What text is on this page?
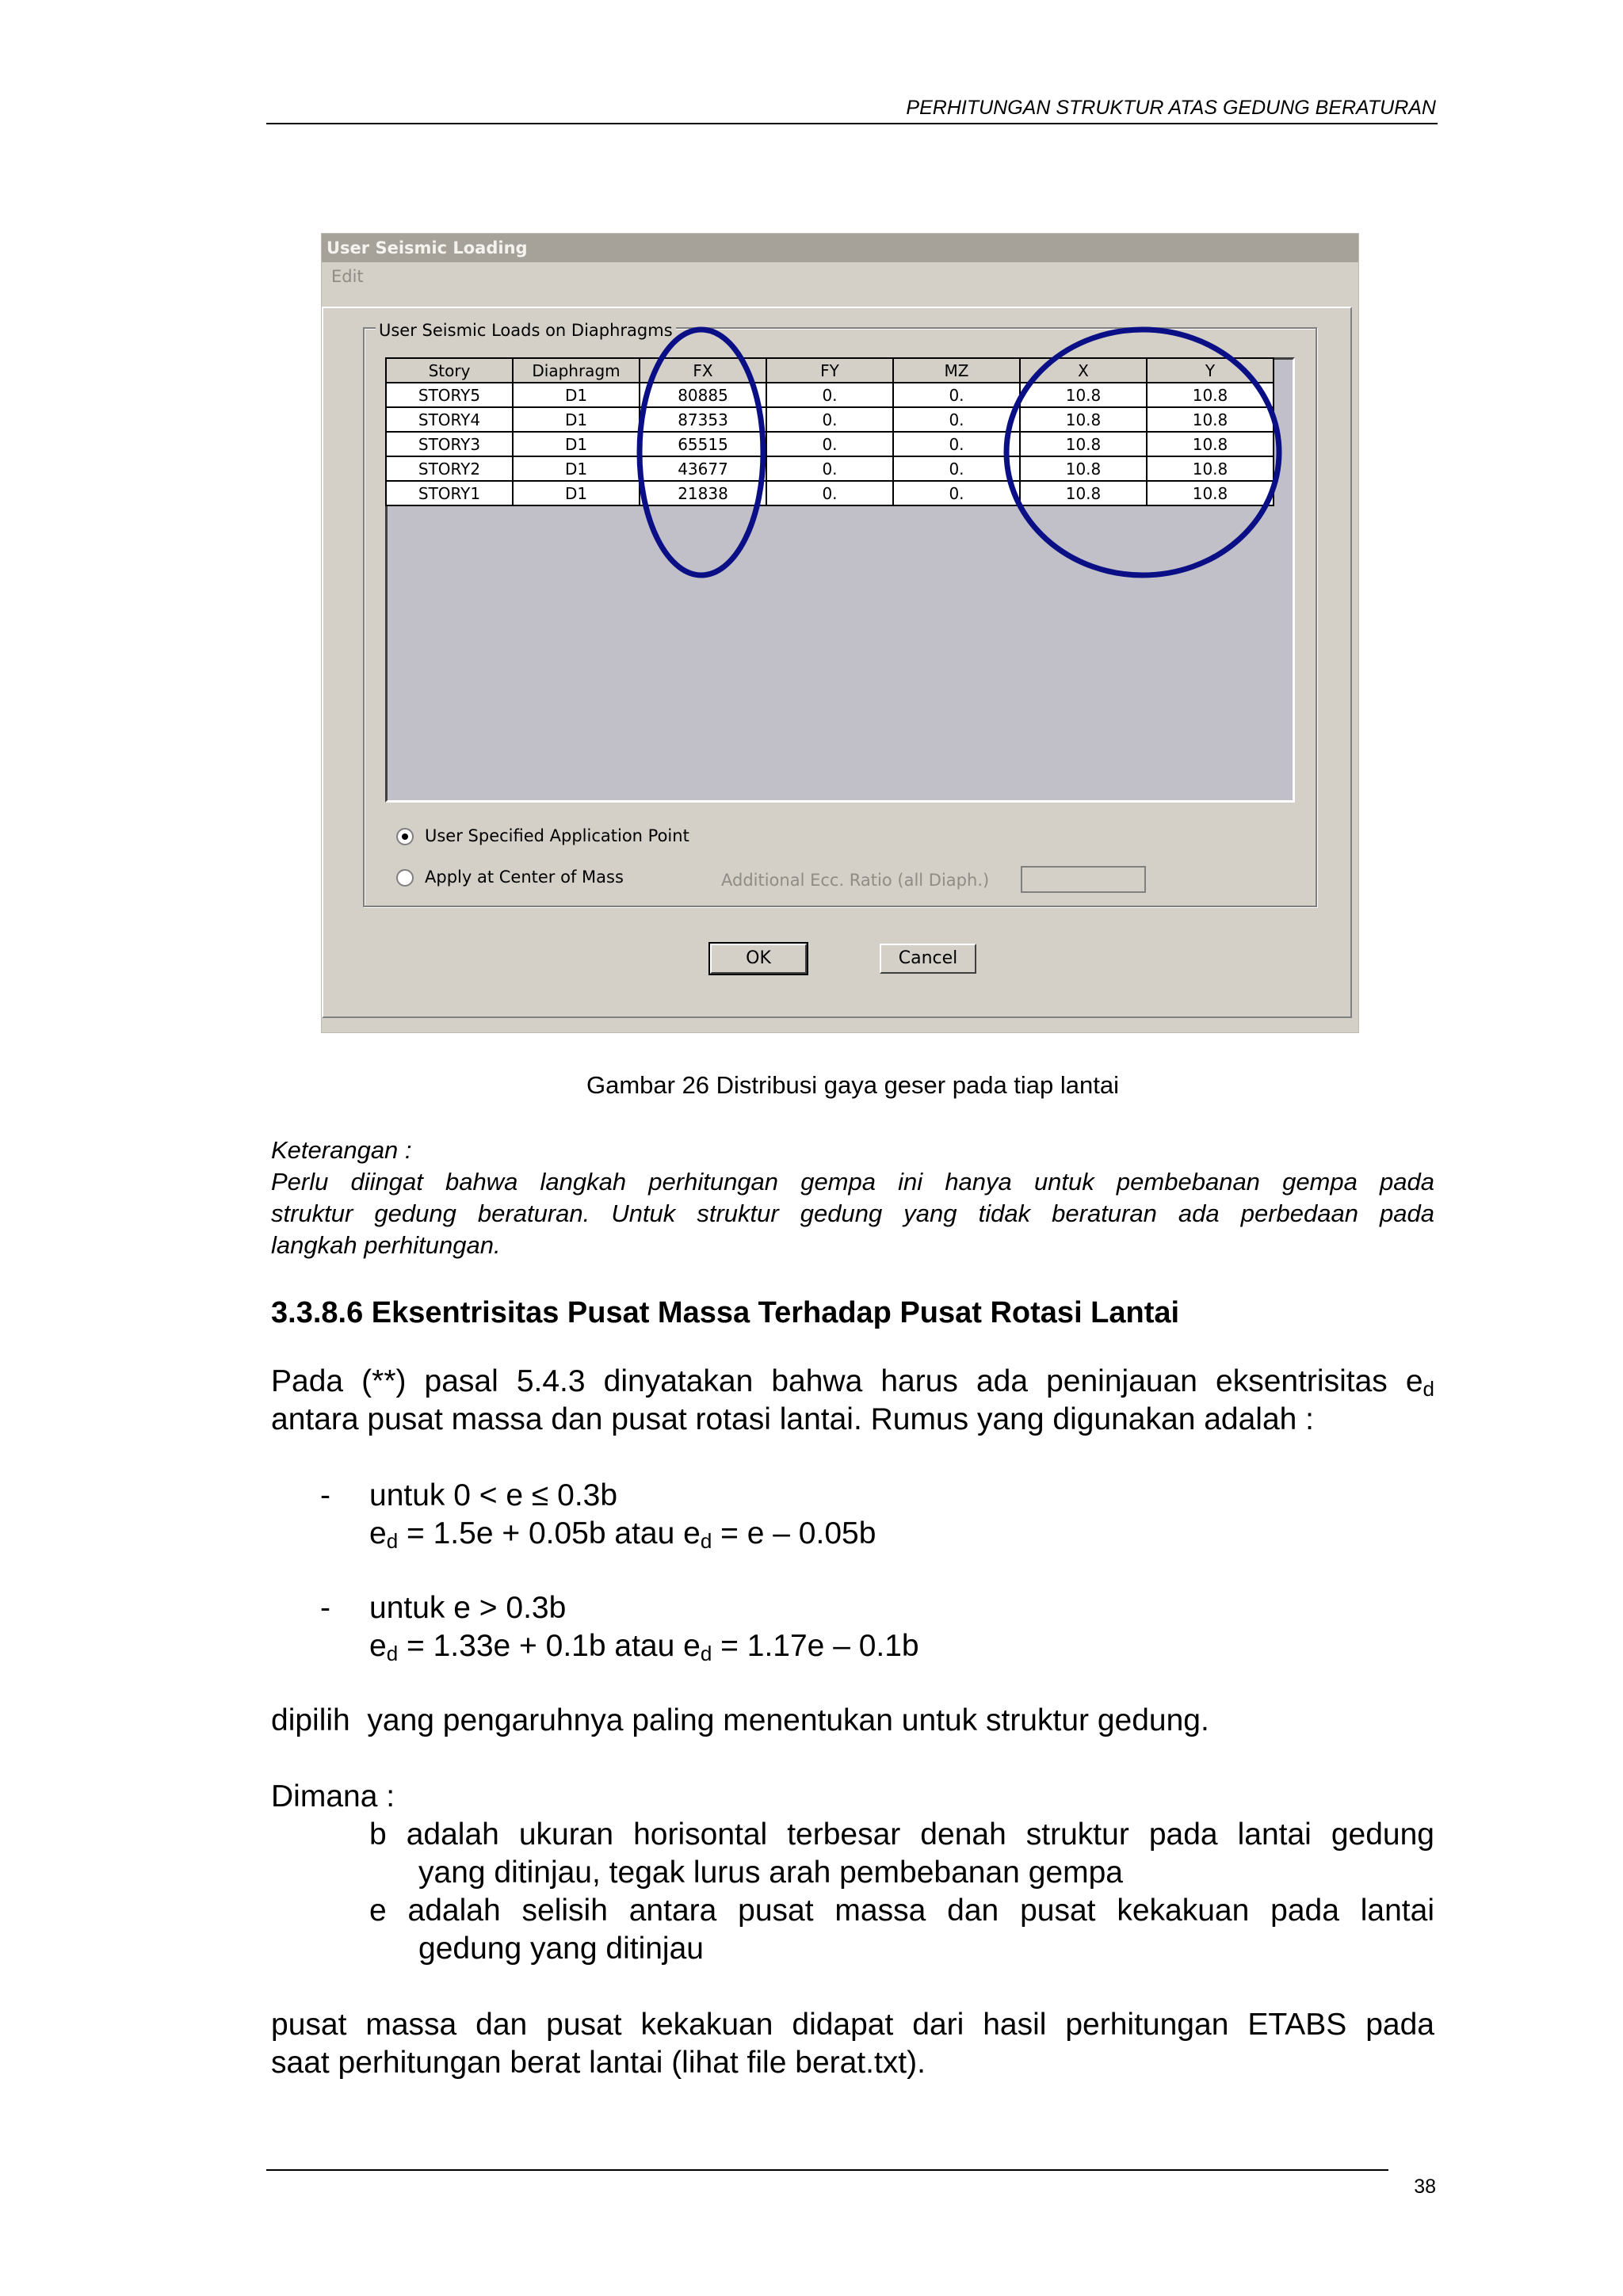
PERHITUNGAN STRUKTUR ATAS GEDUNG BERATURAN
User Seismic Loading
Edit
User Seismic Loads on Diaphragms
Story	Diaphragm	FX	FY	MZ	X	Y
STORY5	D1	80885	0.	0.	10.8	10.8
STORY4	D1	87353	0.	0.	10.8	10.8
STORY3	D1	65515	0.	0.	10.8	10.8
STORY2	D1	43677	0.	0.	10.8	10.8
STORY1	D1	21838	0.	0.	10.8	10.8
User Specified Application Point
Apply at Center of Mass	Additional Ecc. Ratio (all Diaph.)
OK	Cancel
Gambar 26 Distribusi gaya geser pada tiap lantai
Keterangan :
Perlu diingat bahwa langkah perhitungan gempa ini hanya untuk pembebanan gempa pada
struktur gedung beraturan. Untuk struktur gedung yang tidak beraturan ada perbedaan pada
langkah perhitungan.
3.3.8.6 Eksentrisitas Pusat Massa Terhadap Pusat Rotasi Lantai
Pada (**) pasal 5.4.3 dinyatakan bahwa harus ada peninjauan eksentrisitas $e_d$
antara pusat massa dan pusat rotasi lantai. Rumus yang digunakan adalah :
- untuk 0 < e ≤ 0.3b
$e_d = 1.5e + 0.05b$ atau $e_d = e - 0.05b$
- untuk e > 0.3b
$e_d = 1.33e + 0.1b$ atau $e_d = 1.17e - 0.1b$
dipilih  yang pengaruhnya paling menentukan untuk struktur gedung.
Dimana :
b adalah ukuran horisontal terbesar denah struktur pada lantai gedung
yang ditinjau, tegak lurus arah pembebanan gempa
e adalah selisih antara pusat massa dan pusat kekakuan pada lantai
gedung yang ditinjau
pusat massa dan pusat kekakuan didapat dari hasil perhitungan ETABS pada
saat perhitungan berat lantai (lihat file berat.txt).
38
